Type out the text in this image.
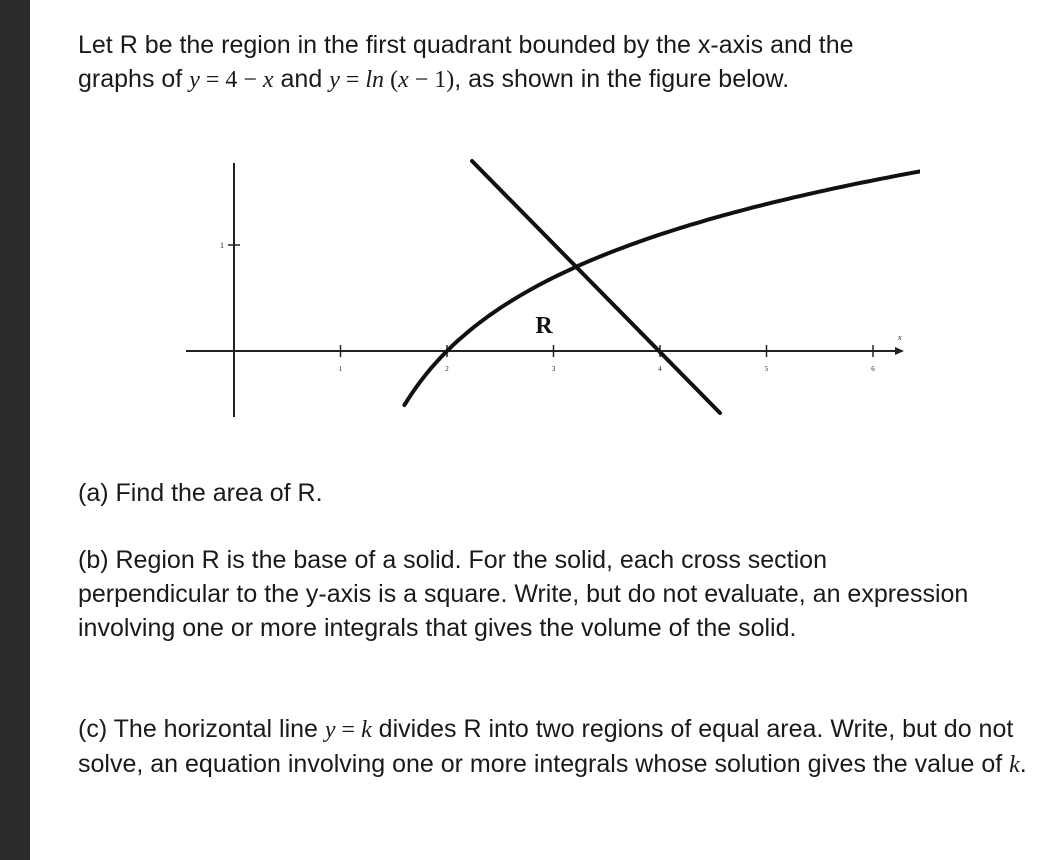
Let R be the region in the first quadrant bounded by the x-axis and the
graphs of y = 4 − x and y = ln (x − 1), as shown in the figure below.

1
1	2	3	4	5	6
x
R

(a) Find the area of R.

(b) Region R is the base of a solid. For the solid, each cross section perpendicular to the y-axis is a square. Write, but do not evaluate, an expression involving one or more integrals that gives the volume of the solid.

(c) The horizontal line y = k divides R into two regions of equal area. Write, but do not solve, an equation involving one or more integrals whose solution gives the value of k.
